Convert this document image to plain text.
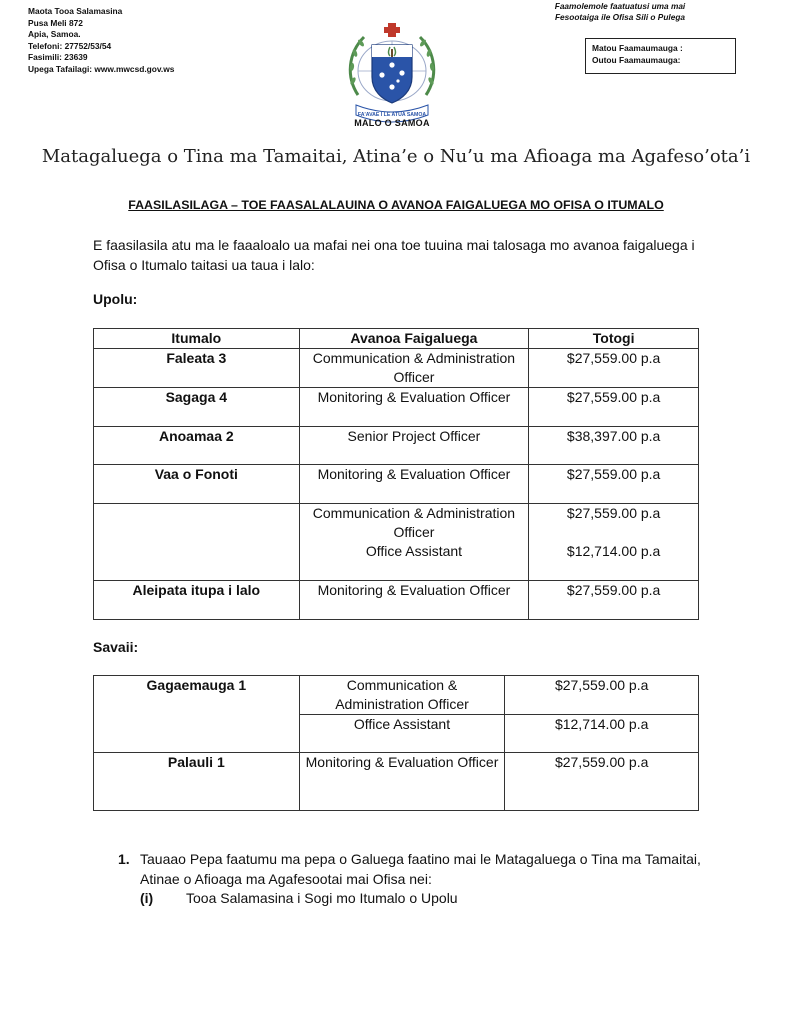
Maota Tooa Salamasina
Pusa Meli 872
Apia, Samoa.
Telefoni: 27752/53/54
Fasimili: 23639
Upega Tafailagi: www.mwcsd.gov.ws
Faamolemole faatuatusi uma mai
Fesootaiga ile Ofisa Sili o Pulega
Matou Faamaumauga :
Outou Faamaumauga:
FA'AVAE I LE ATUA SAMOA
MALO O SAMOA
Matagaluega o Tina ma Tamaitai, Atina’e o Nu’u ma Afioaga ma Agafeso’ota’i
FAASILASILAGA – TOE FAASALALAUINA O AVANOA FAIGALUEGA MO OFISA O ITUMALO
E faasilasila atu ma le faaaloalo ua mafai nei ona toe tuuina mai talosaga mo avanoa faigaluega i Ofisa o Itumalo taitasi ua taua i lalo:
Upolu:
Itumalo	Avanoa Faigaluega	Totogi
Faleata 3	Communication & Administration Officer	$27,559.00 p.a
Sagaga 4	Monitoring & Evaluation Officer	$27,559.00 p.a
Anoamaa 2	Senior Project Officer	$38,397.00 p.a
Vaa o Fonoti	Monitoring & Evaluation Officer	$27,559.00 p.a
	Communication & Administration Officer	$27,559.00 p.a
	Office Assistant	$12,714.00 p.a
Aleipata itupa i lalo	Monitoring & Evaluation Officer	$27,559.00 p.a
Savaii:
Gagaemauga 1	Communication & Administration Officer	$27,559.00 p.a
	Office Assistant	$12,714.00 p.a
Palauli 1	Monitoring & Evaluation Officer	$27,559.00 p.a
1. Tauaao Pepa faatumu ma pepa o Galuega faatino mai le Matagaluega o Tina ma Tamaitai, Atinae o Afioaga ma Agafesootai mai Ofisa nei:
(i) Tooa Salamasina i Sogi mo Itumalo o Upolu
